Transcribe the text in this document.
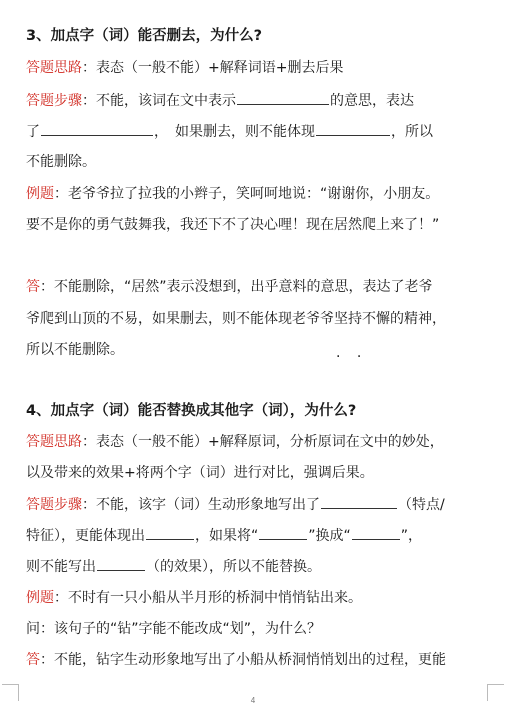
3、加点字（词）能否删去，为什么?
答题思路：表态（一般不能）+解释词语+删去后果
答题步骤：不能，该词在文中表示	的意思，表达
了	，　如果删去，则不能体现	，所以
不能删除。
例题：老爷爷拉了拉我的小辫子，笑呵呵地说：“谢谢你，小朋友。
要不是你的勇气鼓舞我，我还下不了决心哩！现在居然爬上来了！”
答：不能删除，“居然”表示没想到，出乎意料的意思，表达了老爷
爷爬到山顶的不易，如果删去，则不能体现老爷爷坚持不懈的精神，
所以不能删除。	. .
4、加点字（词）能否替换成其他字（词），为什么?
答题思路：表态（一般不能）+解释原词，分析原词在文中的妙处，
以及带来的效果+将两个字（词）进行对比，强调后果。
答题步骤：不能，该字（词）生动形象地写出了	（特点/
特征），更能体现出	，如果将“	”换成“	”，
则不能写出	（的效果），所以不能替换。
例题：不时有一只小船从半月形的桥洞中悄悄钻出来。
问：该句子的“钻”字能不能改成“划”，为什么？
答：不能，钻字生动形象地写出了小船从桥洞悄悄划出的过程，更能
4
